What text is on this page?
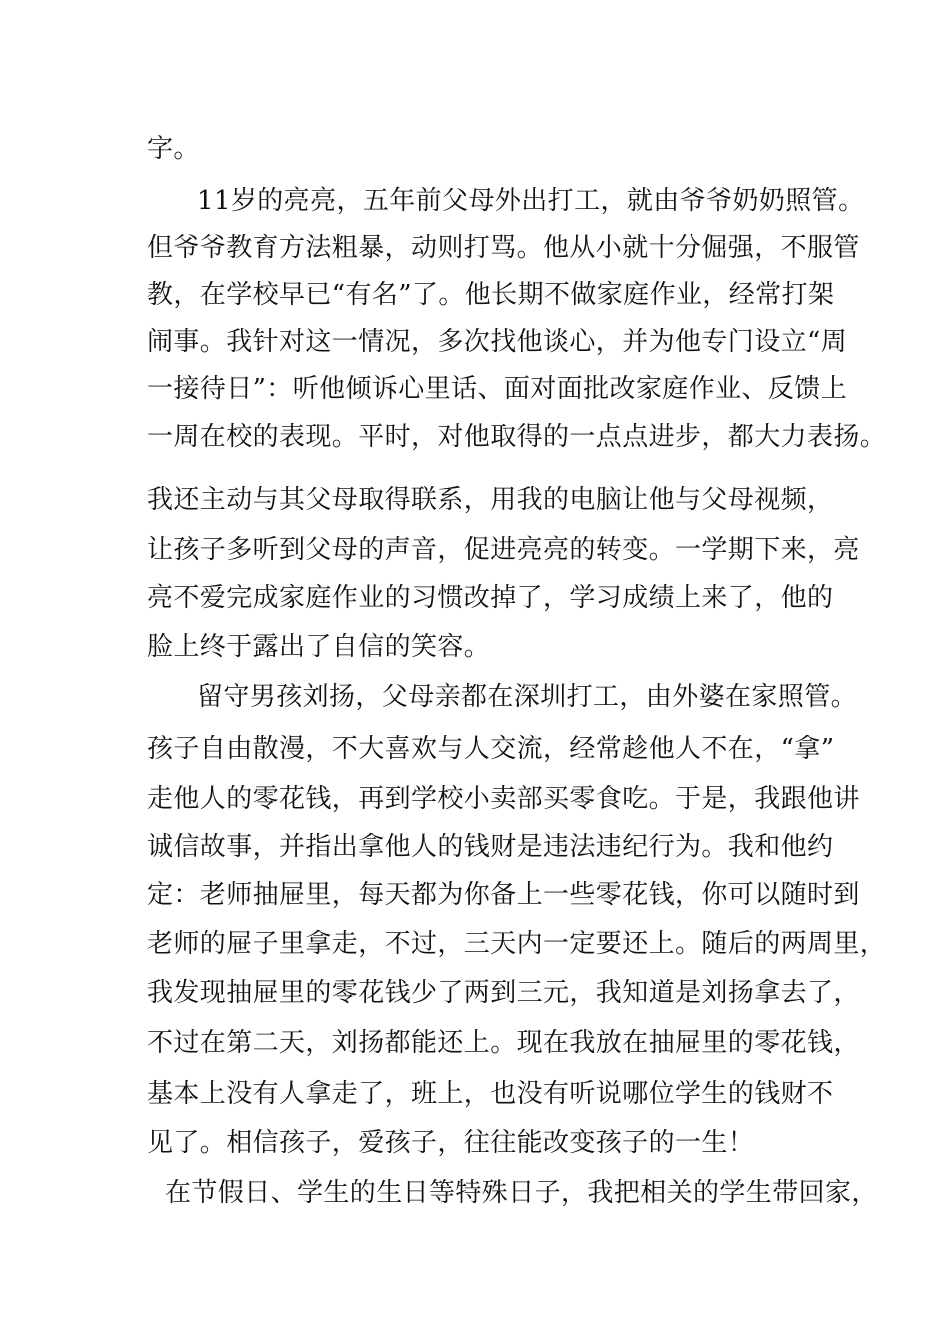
字。
11岁的亮亮，五年前父母外出打工，就由爷爷奶奶照管。
但爷爷教育方法粗暴，动则打骂。他从小就十分倔强，不服管
教，在学校早已“有名”了。他长期不做家庭作业，经常打架
闹事。我针对这一情况，多次找他谈心，并为他专门设立“周
一接待日”：听他倾诉心里话、面对面批改家庭作业、反馈上
一周在校的表现。平时，对他取得的一点点进步，都大力表扬。
我还主动与其父母取得联系，用我的电脑让他与父母视频，
让孩子多听到父母的声音，促进亮亮的转变。一学期下来，亮
亮不爱完成家庭作业的习惯改掉了，学习成绩上来了，他的
脸上终于露出了自信的笑容。
留守男孩刘扬，父母亲都在深圳打工，由外婆在家照管。
孩子自由散漫，不大喜欢与人交流，经常趁他人不在，“拿”
走他人的零花钱，再到学校小卖部买零食吃。于是，我跟他讲
诚信故事，并指出拿他人的钱财是违法违纪行为。我和他约
定：老师抽屉里，每天都为你备上一些零花钱，你可以随时到
老师的屉子里拿走，不过，三天内一定要还上。随后的两周里，
我发现抽屉里的零花钱少了两到三元，我知道是刘扬拿去了，
不过在第二天，刘扬都能还上。现在我放在抽屉里的零花钱，
基本上没有人拿走了，班上，也没有听说哪位学生的钱财不
见了。相信孩子，爱孩子，往往能改变孩子的一生！
在节假日、学生的生日等特殊日子，我把相关的学生带回家，
